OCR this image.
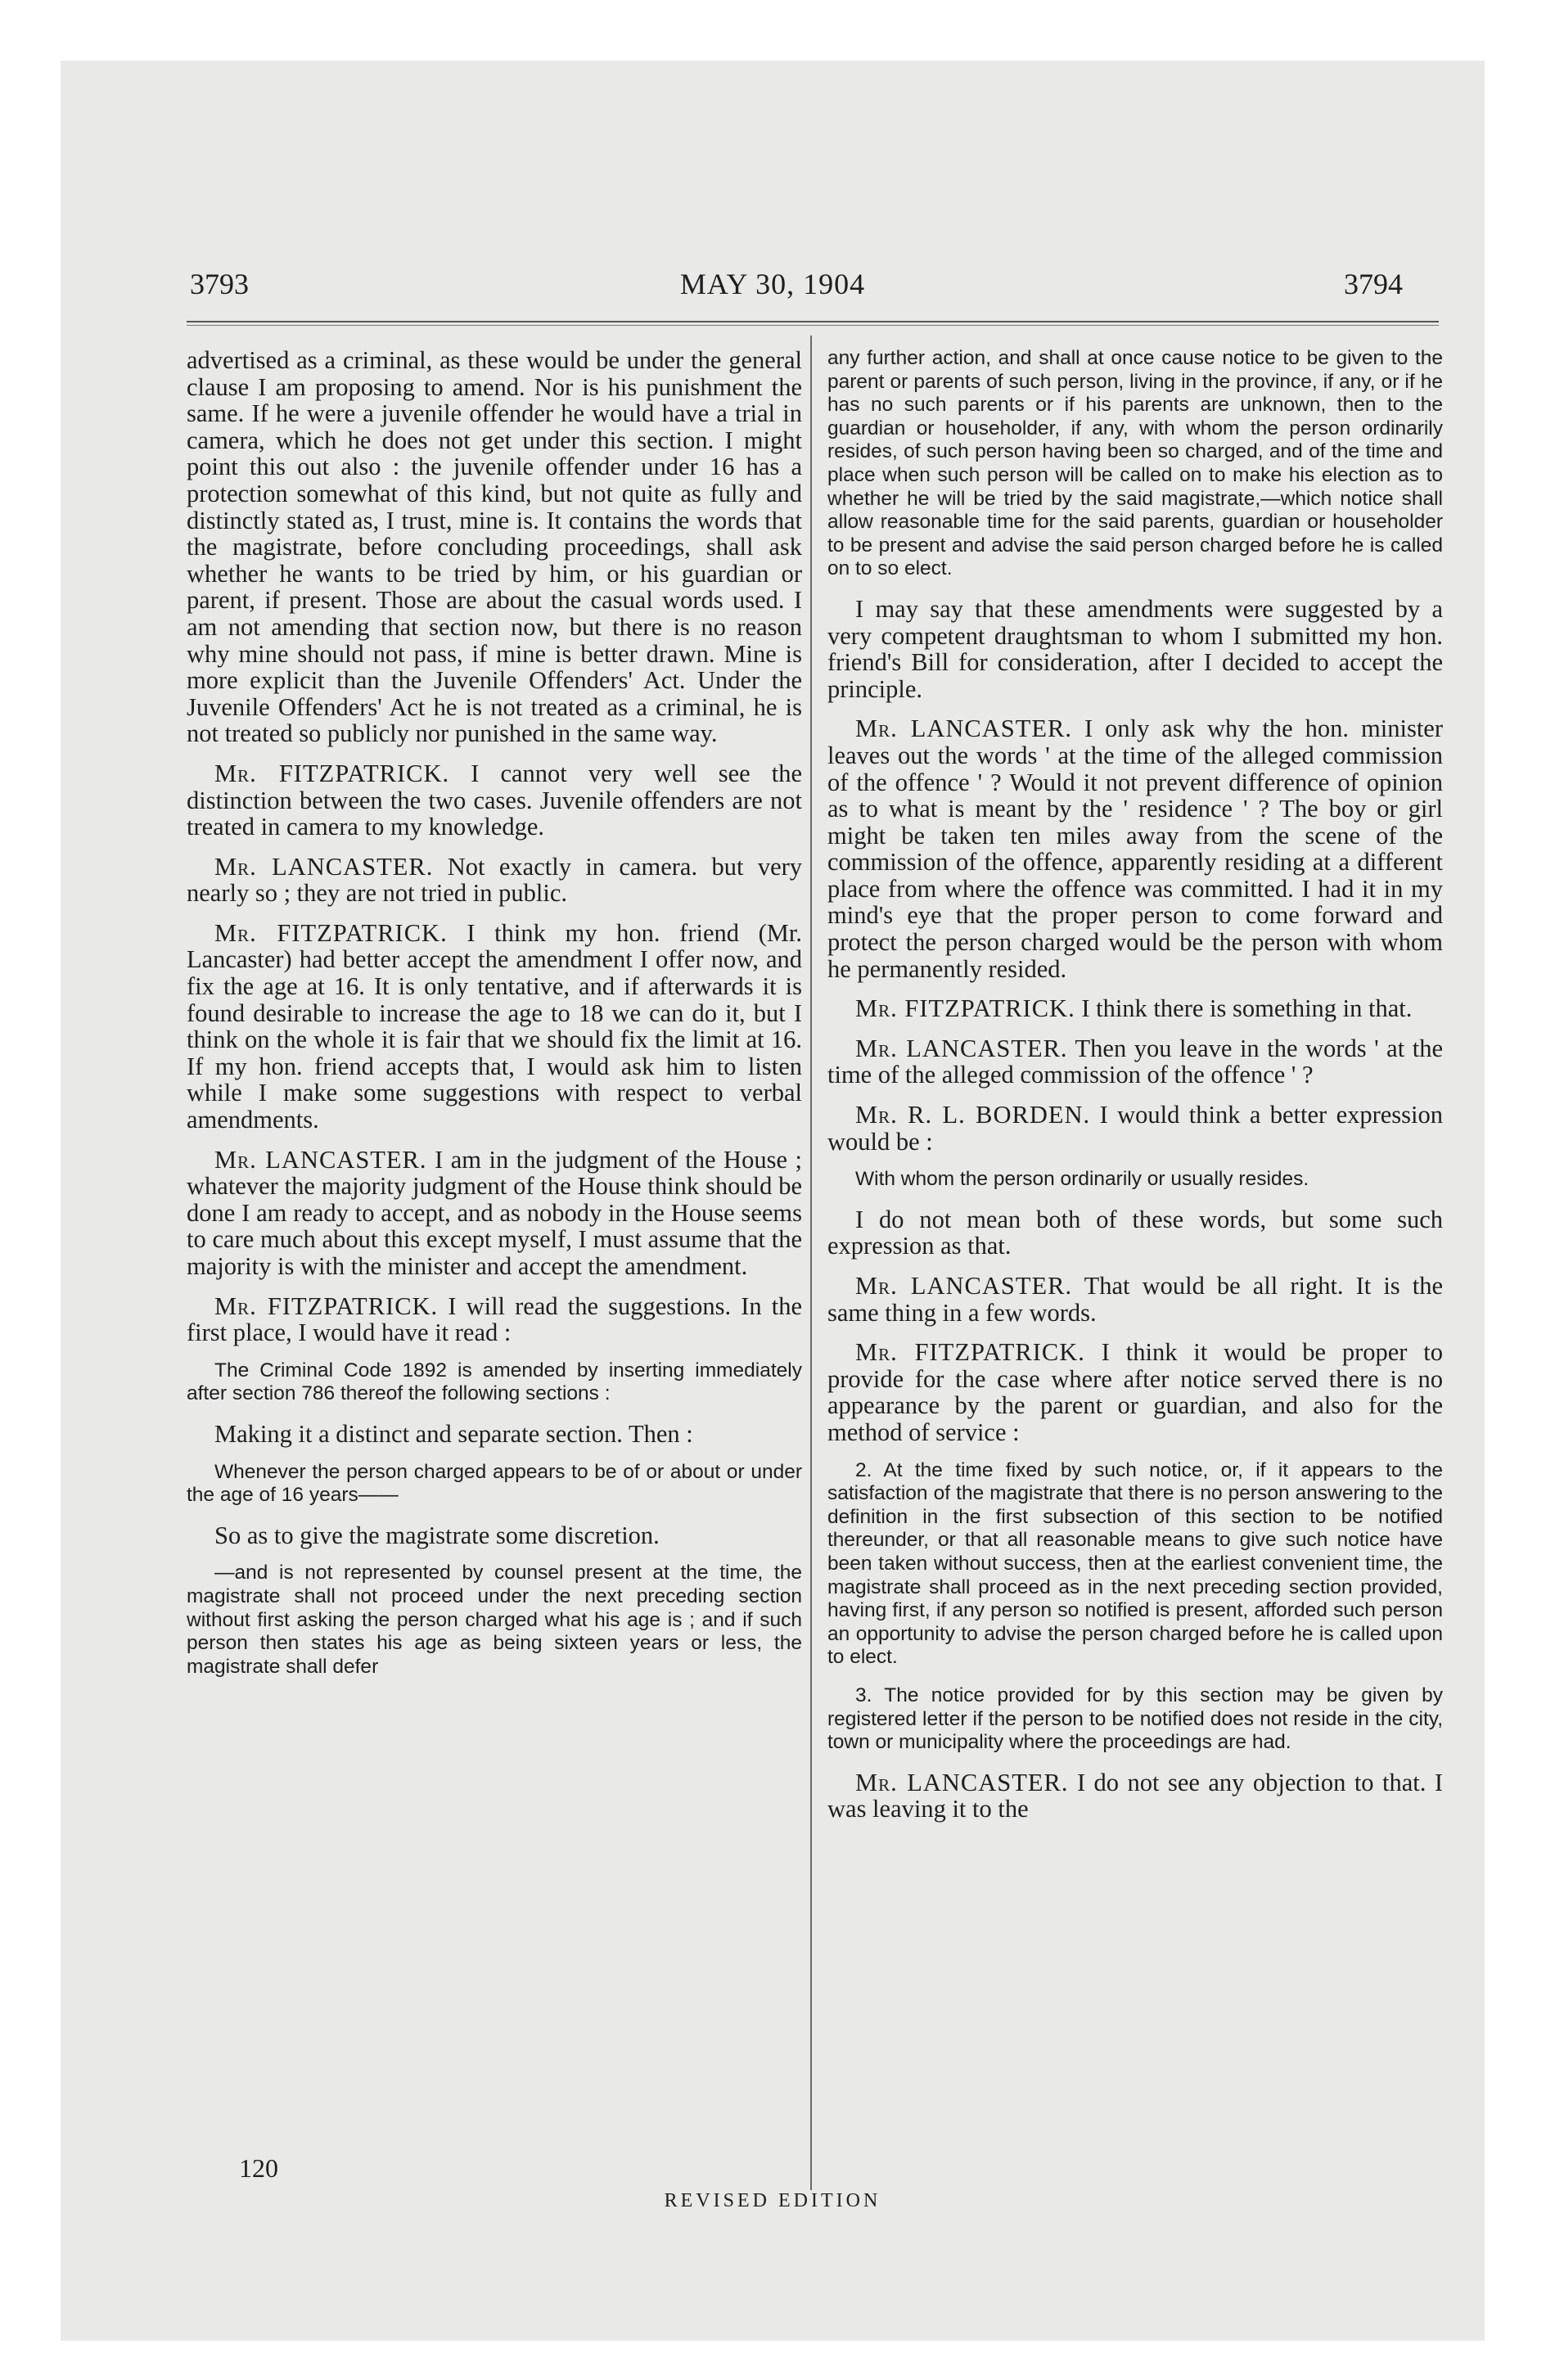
3793	MAY 30, 1904	3794

advertised as a criminal, as these would be under the general clause I am proposing to amend. Nor is his punishment the same. If he were a juvenile offender he would have a trial in camera, which he does not get under this section. I might point this out also : the juvenile offender under 16 has a protection somewhat of this kind, but not quite as fully and distinctly stated as, I trust, mine is. It contains the words that the magistrate, before concluding proceedings, shall ask whether he wants to be tried by him, or his guardian or parent, if present. Those are about the casual words used. I am not amending that section now, but there is no reason why mine should not pass, if mine is better drawn. Mine is more explicit than the Juvenile Offenders' Act. Under the Juvenile Offenders' Act he is not treated as a criminal, he is not treated so publicly nor punished in the same way.

Mr. FITZPATRICK. I cannot very well see the distinction between the two cases. Juvenile offenders are not treated in camera to my knowledge.

Mr. LANCASTER. Not exactly in camera. but very nearly so ; they are not tried in public.

Mr. FITZPATRICK. I think my hon. friend (Mr. Lancaster) had better accept the amendment I offer now, and fix the age at 16. It is only tentative, and if afterwards it is found desirable to increase the age to 18 we can do it, but I think on the whole it is fair that we should fix the limit at 16. If my hon. friend accepts that, I would ask him to listen while I make some suggestions with respect to verbal amendments.

Mr. LANCASTER. I am in the judgment of the House ; whatever the majority judgment of the House think should be done I am ready to accept, and as nobody in the House seems to care much about this except myself, I must assume that the majority is with the minister and accept the amendment.

Mr. FITZPATRICK. I will read the suggestions. In the first place, I would have it read :

The Criminal Code 1892 is amended by inserting immediately after section 786 thereof the following sections :

Making it a distinct and separate section. Then :

Whenever the person charged appears to be of or about or under the age of 16 years——

So as to give the magistrate some discretion.

—and is not represented by counsel present at the time, the magistrate shall not proceed under the next preceding section without first asking the person charged what his age is ; and if such person then states his age as being sixteen years or less, the magistrate shall defer

any further action, and shall at once cause notice to be given to the parent or parents of such person, living in the province, if any, or if he has no such parents or if his parents are unknown, then to the guardian or householder, if any, with whom the person ordinarily resides, of such person having been so charged, and of the time and place when such person will be called on to make his election as to whether he will be tried by the said magistrate,—which notice shall allow reasonable time for the said parents, guardian or householder to be present and advise the said person charged before he is called on to so elect.

I may say that these amendments were suggested by a very competent draughtsman to whom I submitted my hon. friend's Bill for consideration, after I decided to accept the principle.

Mr. LANCASTER. I only ask why the hon. minister leaves out the words ' at the time of the alleged commission of the offence ' ? Would it not prevent difference of opinion as to what is meant by the ' residence ' ? The boy or girl might be taken ten miles away from the scene of the commission of the offence, apparently residing at a different place from where the offence was committed. I had it in my mind's eye that the proper person to come forward and protect the person charged would be the person with whom he permanently resided.

Mr. FITZPATRICK. I think there is something in that.

Mr. LANCASTER. Then you leave in the words ' at the time of the alleged commission of the offence ' ?

Mr. R. L. BORDEN. I would think a better expression would be :

With whom the person ordinarily or usually resides.

I do not mean both of these words, but some such expression as that.

Mr. LANCASTER. That would be all right. It is the same thing in a few words.

Mr. FITZPATRICK. I think it would be proper to provide for the case where after notice served there is no appearance by the parent or guardian, and also for the method of service :

2. At the time fixed by such notice, or, if it appears to the satisfaction of the magistrate that there is no person answering to the definition in the first subsection of this section to be notified thereunder, or that all reasonable means to give such notice have been taken without success, then at the earliest convenient time, the magistrate shall proceed as in the next preceding section provided, having first, if any person so notified is present, afforded such person an opportunity to advise the person charged before he is called upon to elect.

3. The notice provided for by this section may be given by registered letter if the person to be notified does not reside in the city, town or municipality where the proceedings are had.

Mr. LANCASTER. I do not see any objection to that. I was leaving it to the

120
REVISED EDITION
